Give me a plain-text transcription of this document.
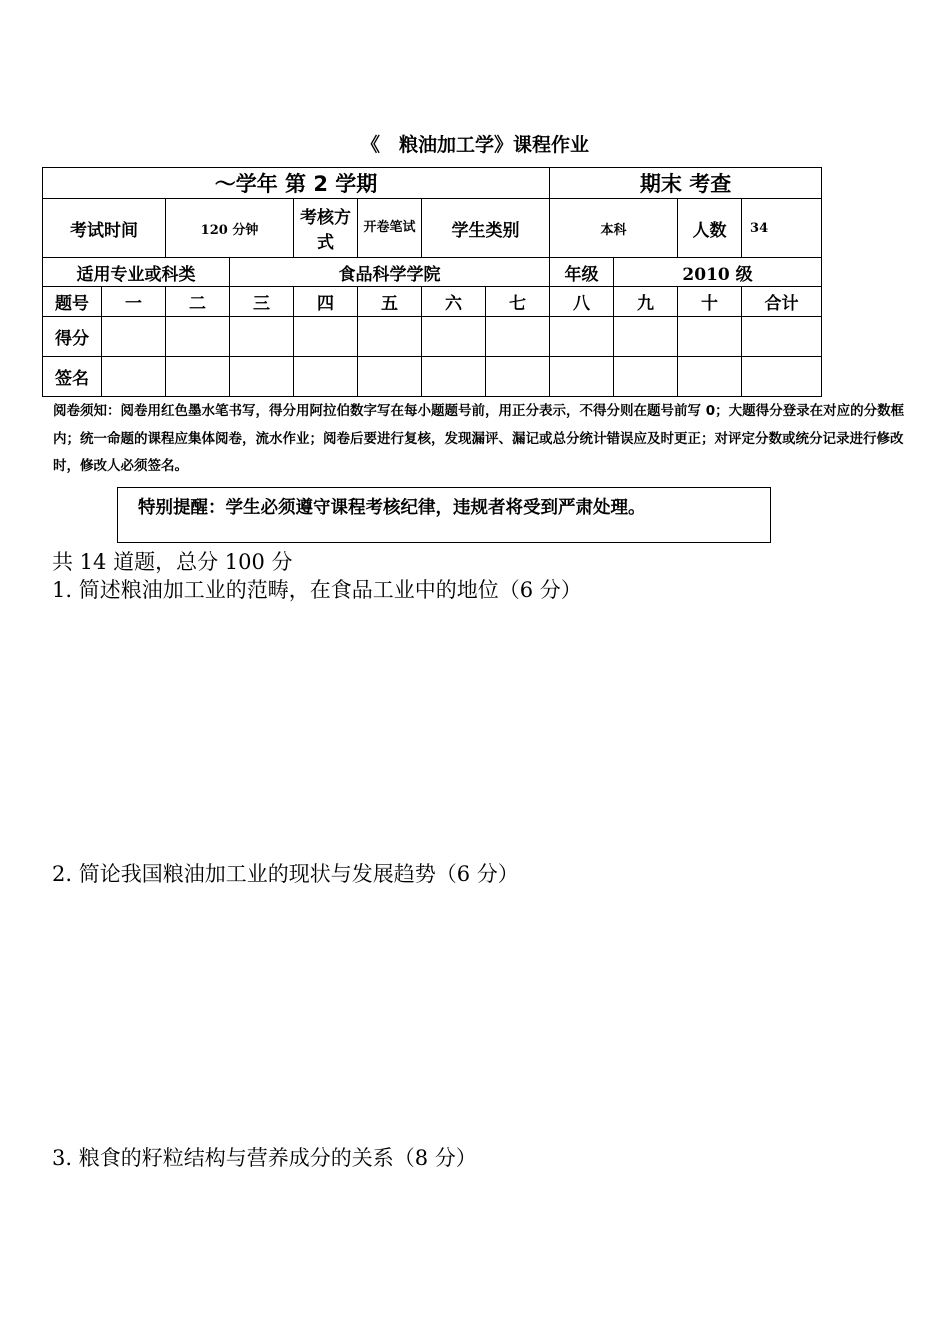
《　粮油加工学》课程作业
～学年 第 2 学期								期末 考查			
考试时间		120 分钟		考核方式	开卷笔试	学生类别		本科		人数	34
适用专业或科类			食品科学学院					年级	2010 级		
题号	一	二	三	四	五	六	七	八	九	十	合计
得分											
签名											
阅卷须知：阅卷用红色墨水笔书写，得分用阿拉伯数字写在每小题题号前，用正分表示，不得分则在题号前写 0；大题得分登录在对应的分数框内；统一命题的课程应集体阅卷，流水作业；阅卷后要进行复核，发现漏评、漏记或总分统计错误应及时更正；对评定分数或统分记录进行修改时，修改人必须签名。
特别提醒：学生必须遵守课程考核纪律，违规者将受到严肃处理。
共 14 道题，总分 100 分
1. 简述粮油加工业的范畴，在食品工业中的地位（6 分）
2. 简论我国粮油加工业的现状与发展趋势（6 分）
3. 粮食的籽粒结构与营养成分的关系（8 分）
